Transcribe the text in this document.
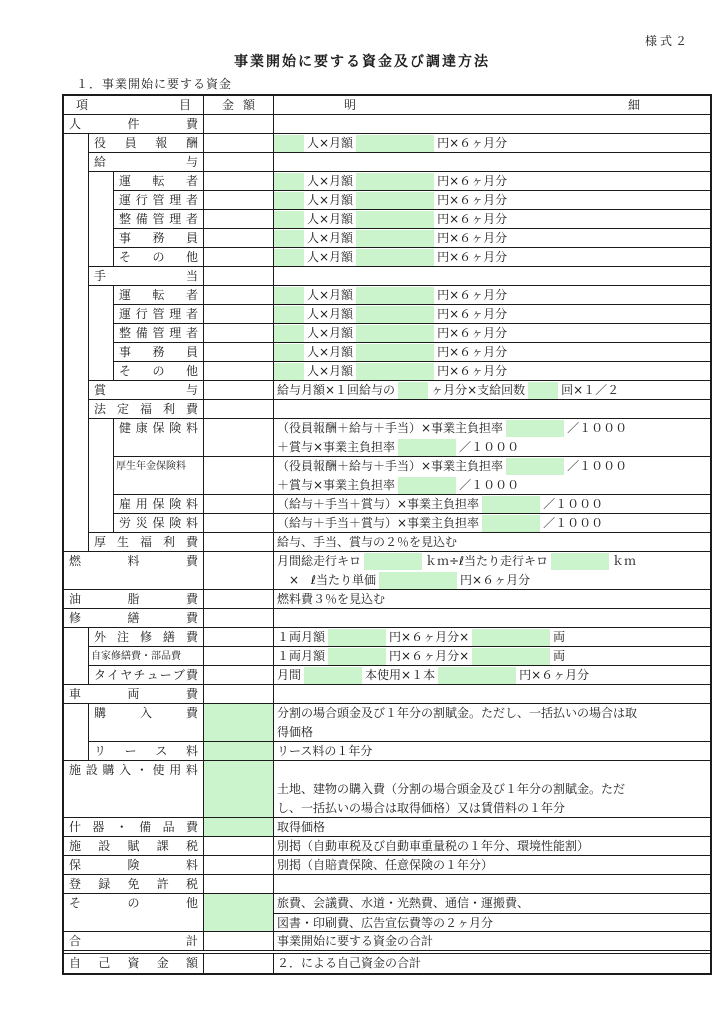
様式２
事業開始に要する資金及び調達方法
１．事業開始に要する資金
項	目	金 額	明	細
人	件	費
役 員 報 酬	人×月額	円×６ヶ月分
給	与
運 転 者	人×月額	円×６ヶ月分
運 行 管 理 者	人×月額	円×６ヶ月分
整 備 管 理 者	人×月額	円×６ヶ月分
事 務 員	人×月額	円×６ヶ月分
そ の 他	人×月額	円×６ヶ月分
手	当
運 転 者	人×月額	円×６ヶ月分
運 行 管 理 者	人×月額	円×６ヶ月分
整 備 管 理 者	人×月額	円×６ヶ月分
事 務 員	人×月額	円×６ヶ月分
そ の 他	人×月額	円×６ヶ月分
賞	与	給与月額×１回給与の	ヶ月分×支給回数	回×１／２
法 定 福 利 費
健 康 保 険 料	（役員報酬＋給与＋手当）×事業主負担率	／１０００
＋賞与×事業主負担率	／１０００
厚生年金保険料	（役員報酬＋給与＋手当）×事業主負担率	／１０００
＋賞与×事業主負担率	／１０００
雇 用 保 険 料	（給与＋手当＋賞与）×事業主負担率	／１０００
労 災 保 険 料	（給与＋手当＋賞与）×事業主負担率	／１０００
厚 生 福 利 費	給与、手当、賞与の２％を見込む
燃	料	費	月間総走行キロ	ｋｍ÷ℓ当たり走行キロ	ｋｍ
　×　ℓ当たり単価	円×６ヶ月分
油	脂	費	燃料費３％を見込む
修	繕	費
外 注 修 繕 費	１両月額	円×６ヶ月分×	両
自家修繕費・部品費	１両月額	円×６ヶ月分×	両
タ イ ヤ チ ュ ー ブ 費	月間	本使用×１本	円×６ヶ月分
車	両	費
購	入	費	分割の場合頭金及び１年分の割賦金。ただし、一括払いの場合は取
得価格
リ ー ス 料	リース料の１年分
施 設 購 入 ・ 使 用 料
土地、建物の購入費（分割の場合頭金及び１年分の割賦金。ただ
し、一括払いの場合は取得価格）又は賃借料の１年分
什 器 ・ 備 品 費	取得価格
施 設 賦 課 税	別掲（自動車税及び自動車重量税の１年分、環境性能割）
保	険	料	別掲（自賠責保険、任意保険の１年分）
登 録 免 許 税
そ	の	他	旅費、会議費、水道・光熱費、通信・運搬費、
図書・印刷費、広告宣伝費等の２ヶ月分
合	計	事業開始に要する資金の合計
自 己 資 金 額	２．による自己資金の合計
